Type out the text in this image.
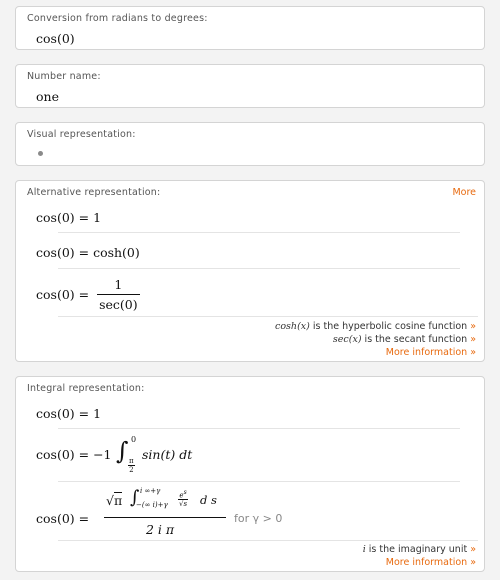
Conversion from radians to degrees:
cos(0)
Number name:
one
Visual representation:
Alternative representation:	More
cos(0) = 1
cos(0) = cosh(0)
$\cos(0) = \frac{1}{\sec(0)}$
cosh(x) is the hyperbolic cosine function »
sec(x) is the secant function »
More information »
Integral representation:
cos(0) = 1
cos(0) = −1 ∫ 0
$\frac{\pi}{2}$
sin(t) dt
cos(0) =
√π ∫ i ∞+γ
−(∞ $i)+\gamma \frac{e^s}{√s}$ d s
2 i π
for γ > 0
i is the imaginary unit »
More information »
